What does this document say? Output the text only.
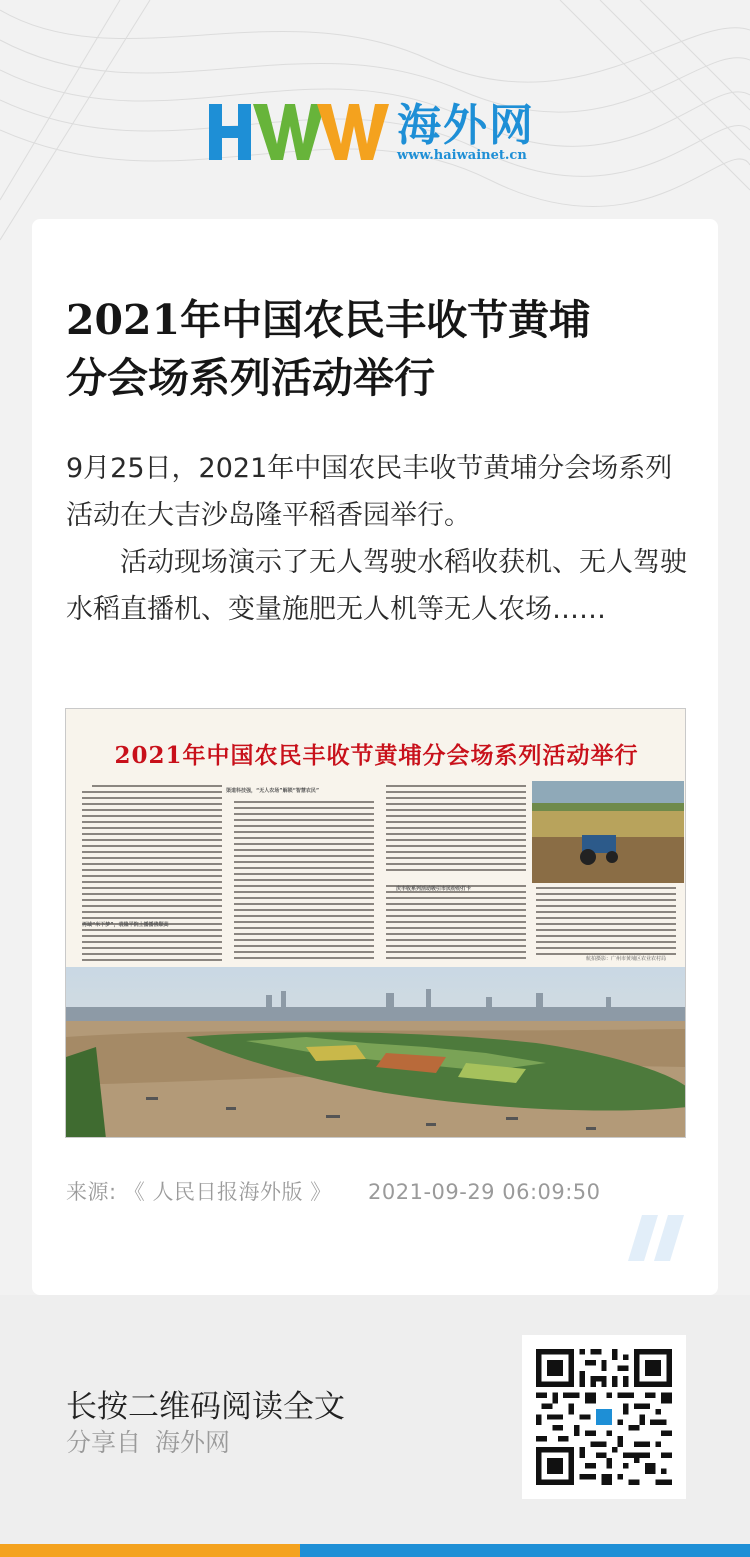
海外网
www.haiwainet.cn
2021年中国农民丰收节黄埔
分会场系列活动举行

9月25日，2021年中国农民丰收节黄埔分会场系列活动在大吉沙岛隆平稻香园举行。

活动现场演示了无人驾驶水稻收获机、无人驾驶水稻直播机、变量施肥无人机等无人农场……

2021年中国农民丰收节黄埔分会场系列活动举行
渠道科技强，“无人农场”解锁“智慧农民”
再域“米下梦”，袁隆平院士播播佛顺高
庆丰收系列活动吸引市民纷纷打卡
航拍摄影：广州市黄埔区农业农村局
来源: 《 人民日报海外版 》 2021-09-29 06:09:50
长按二维码阅读全文
分享自 海外网
